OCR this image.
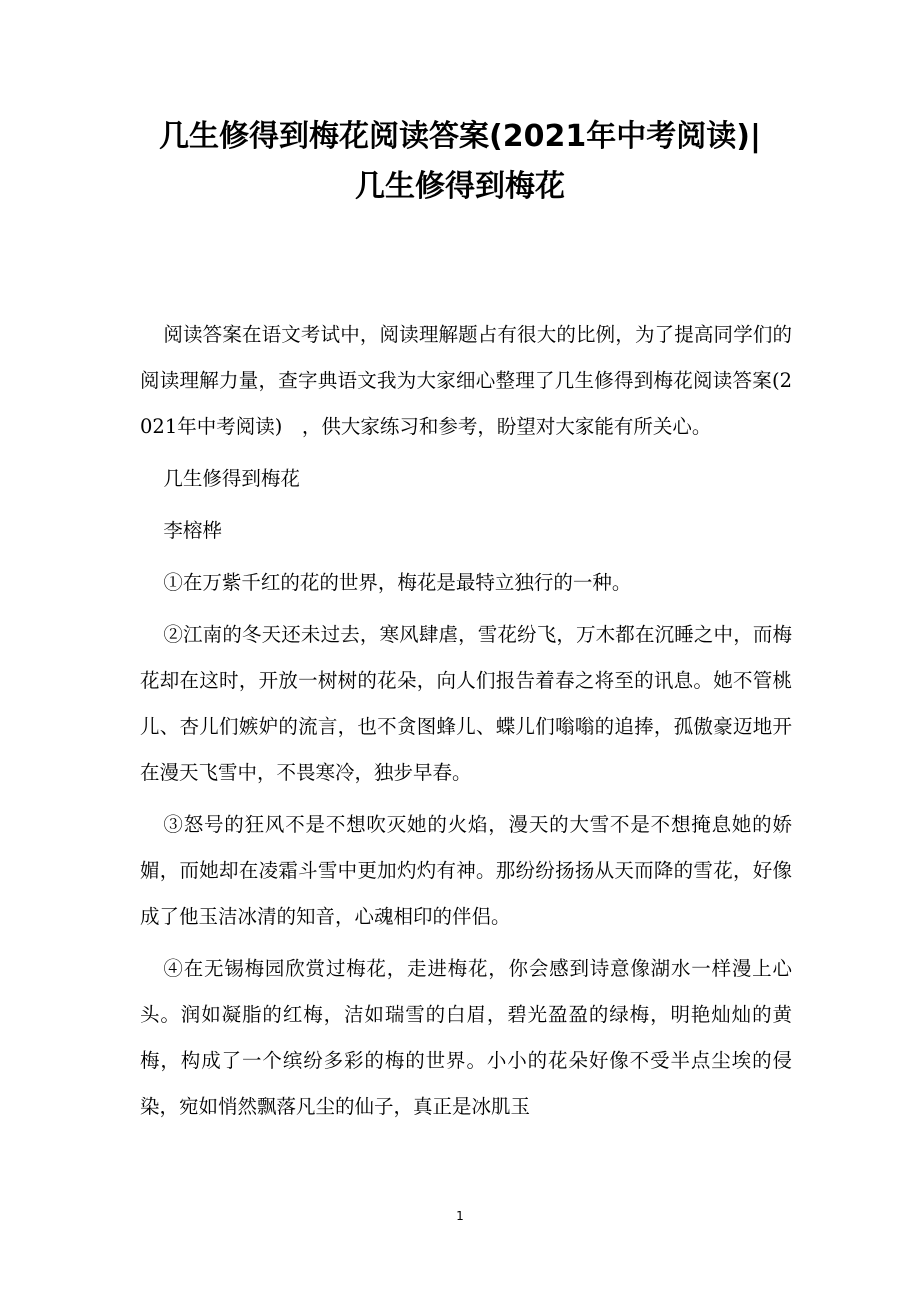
几生修得到梅花阅读答案(2021年中考阅读)|
几生修得到梅花

阅读答案在语文考试中，阅读理解题占有很大的比例，为了提高同学们的阅读理解力量，查字典语文我为大家细心整理了几生修得到梅花阅读答案(2021年中考阅读)　，供大家练习和参考，盼望对大家能有所关心。

几生修得到梅花

李榕桦

①在万紫千红的花的世界，梅花是最特立独行的一种。

②江南的冬天还未过去，寒风肆虐，雪花纷飞，万木都在沉睡之中，而梅花却在这时，开放一树树的花朵，向人们报告着春之将至的讯息。她不管桃儿、杏儿们嫉妒的流言，也不贪图蜂儿、蝶儿们嗡嗡的追捧，孤傲豪迈地开在漫天飞雪中，不畏寒冷，独步早春。

③怒号的狂风不是不想吹灭她的火焰，漫天的大雪不是不想掩息她的娇媚，而她却在凌霜斗雪中更加灼灼有神。那纷纷扬扬从天而降的雪花，好像成了他玉洁冰清的知音，心魂相印的伴侣。

④在无锡梅园欣赏过梅花，走进梅花，你会感到诗意像湖水一样漫上心头。润如凝脂的红梅，洁如瑞雪的白眉，碧光盈盈的绿梅，明艳灿灿的黄梅，构成了一个缤纷多彩的梅的世界。小小的花朵好像不受半点尘埃的侵染，宛如悄然飘落凡尘的仙子，真正是冰肌玉

1
